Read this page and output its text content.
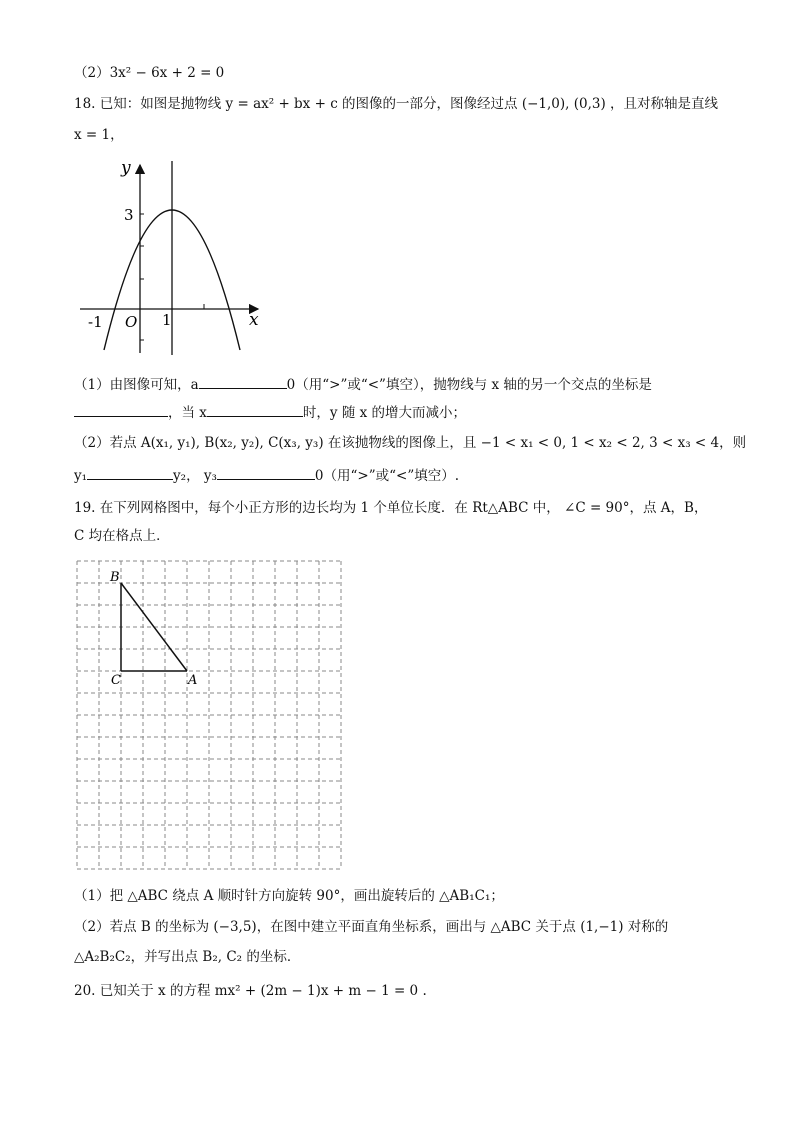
（2）3x² − 6x + 2 = 0
18. 已知：如图是抛物线 y = ax² + bx + c 的图像的一部分，图像经过点 (−1,0), (0,3) ，且对称轴是直线
x = 1，
y
x
3
-1 O 1
（1）由图像可知，a	0（用“>”或“<”填空），抛物线与 x 轴的另一个交点的坐标是
，当 x	时，y 随 x 的增大而减小；
（2）若点 A(x₁, y₁), B(x₂, y₂), C(x₃, y₃) 在该抛物线的图像上，且 −1 < x₁ < 0, 1 < x₂ < 2, 3 < x₃ < 4，则
y₁	y₂， y₃	0（用“>”或“<”填空）.
19. 在下列网格图中，每个小正方形的边长均为 1 个单位长度．在 Rt△ABC 中， ∠C = 90°，点 A，B，
C 均在格点上．
B
C	A
（1）把 △ABC 绕点 A 顺时针方向旋转 90°，画出旋转后的 △AB₁C₁；
（2）若点 B 的坐标为 (−3,5)，在图中建立平面直角坐标系，画出与 △ABC 关于点 (1,−1) 对称的
△A₂B₂C₂，并写出点 B₂, C₂ 的坐标．
20. 已知关于 x 的方程 mx² + (2m − 1)x + m − 1 = 0 .
